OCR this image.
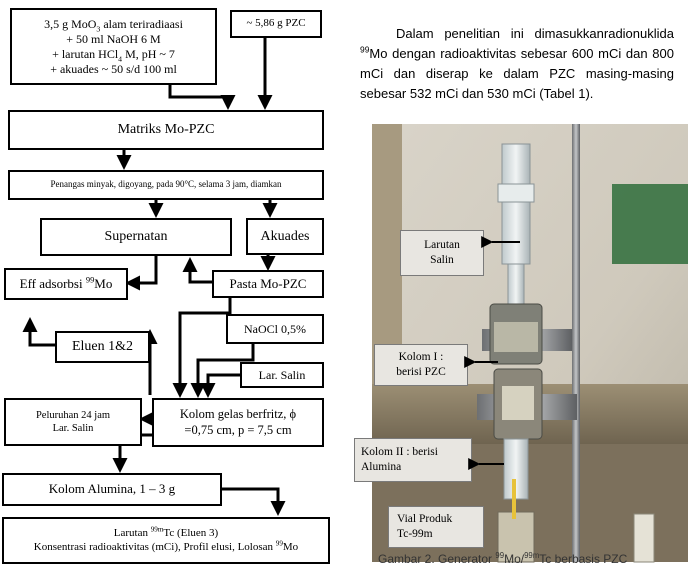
3,5 g MoO$_3$ alam teriradiaasi
+ 50 ml NaOH 6 M
+ larutan HCl$_4$ M, pH ~ 7
+ akuades ~ 50 s/d 100 ml
~ 5,86 g PZC
Matriks Mo-PZC
Penangas minyak, digoyang, pada 90°C, selama 3 jam, diamkan
Supernatan	Akuades
Eff adsorbsi $^{99}$Mo	Pasta Mo-PZC
NaOCl 0,5%
Eluen 1&2
Lar. Salin
Peluruhan 24 jam
Lar. Salin
Kolom gelas berfritz, ϕ
=0,75 cm, p = 7,5 cm
Kolom Alumina, 1 – 3 g
Larutan $^{99m}$Tc (Eluen 3)
Konsentrasi radioaktivitas (mCi), Profil elusi, Lolosan $^{99}$Mo
Dalam penelitian ini dimasukkanradionuklida $^{99}$Mo dengan radioaktivitas sebesar 600 mCi dan 800 mCi dan diserap ke dalam PZC masing-masing sebesar 532 mCi dan 530 mCi (Tabel 1).
Larutan
Salin
Kolom I :
berisi PZC
Kolom II : berisi
Alumina
Vial Produk
Tc-99m
Gambar 2. Generator $^{99}$Mo/$^{99m}$Tc berbasis PZC
